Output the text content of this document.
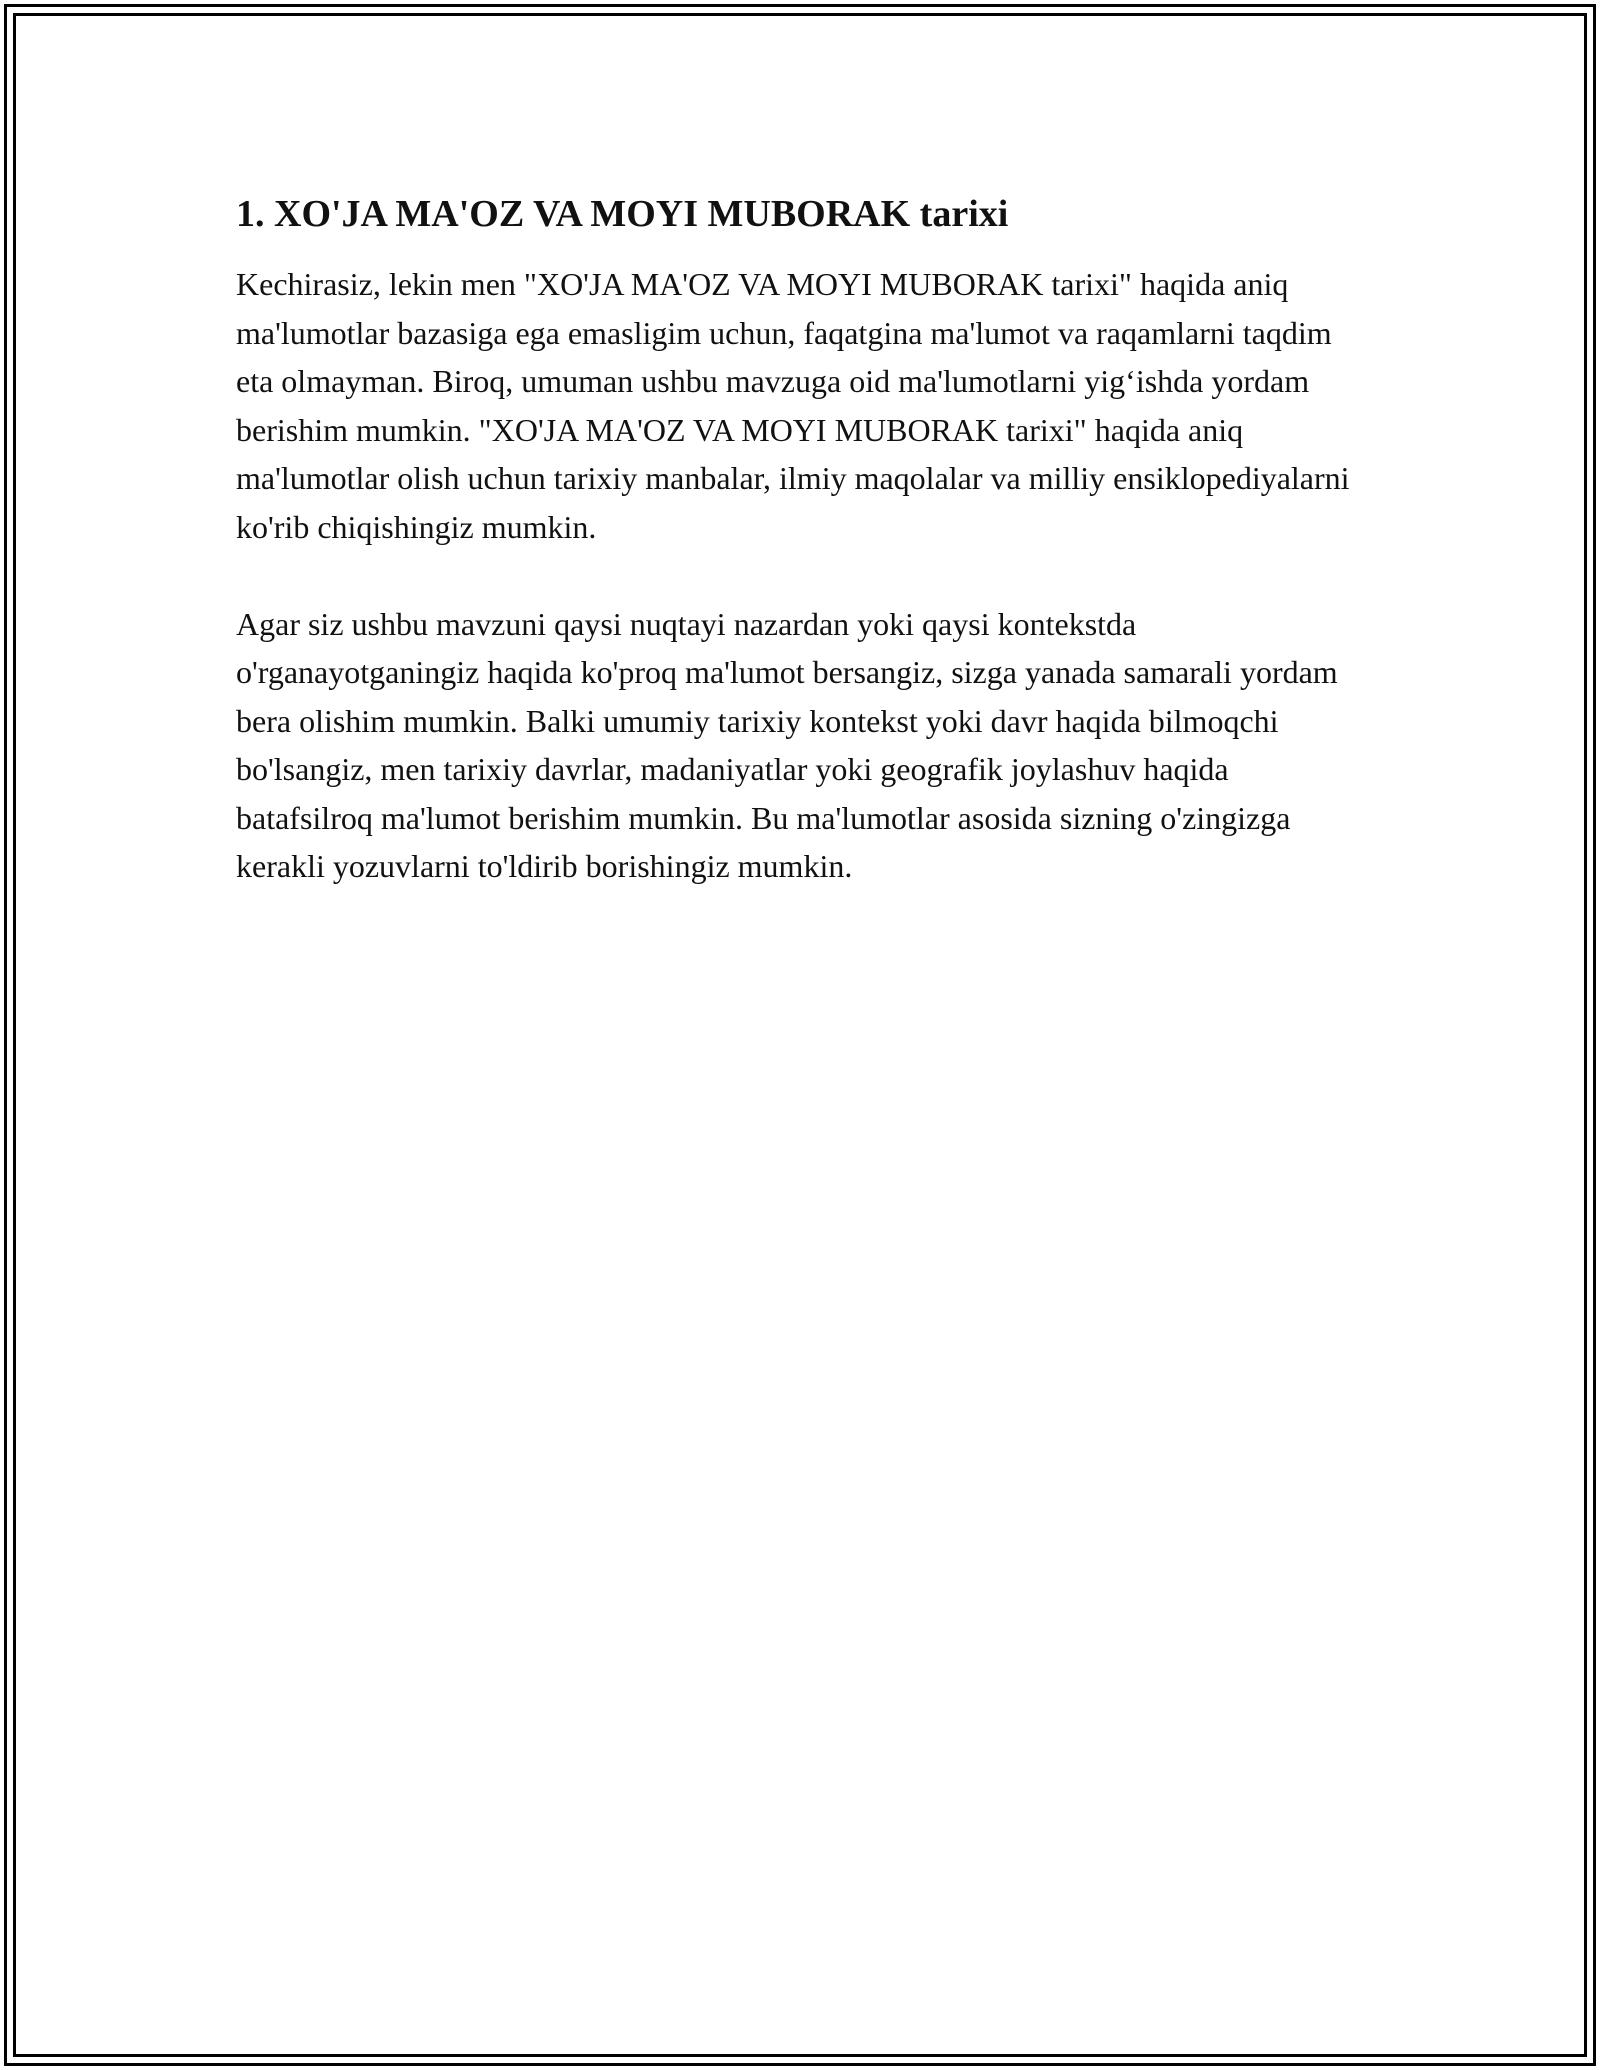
1. XO'JA MA'OZ VA MOYI MUBORAK tarixi

Kechirasiz, lekin men "XO'JA MA'OZ VA MOYI MUBORAK tarixi" haqida aniq ma'lumotlar bazasiga ega emasligim uchun, faqatgina ma'lumot va raqamlarni taqdim eta olmayman. Biroq, umuman ushbu mavzuga oid ma'lumotlarni yig‘ishda yordam berishim mumkin. "XO'JA MA'OZ VA MOYI MUBORAK tarixi" haqida aniq ma'lumotlar olish uchun tarixiy manbalar, ilmiy maqolalar va milliy ensiklopediyalarni ko'rib chiqishingiz mumkin.

Agar siz ushbu mavzuni qaysi nuqtayi nazardan yoki qaysi kontekstda o'rganayotganingiz haqida ko'proq ma'lumot bersangiz, sizga yanada samarali yordam bera olishim mumkin. Balki umumiy tarixiy kontekst yoki davr haqida bilmoqchi bo'lsangiz, men tarixiy davrlar, madaniyatlar yoki geografik joylashuv haqida batafsilroq ma'lumot berishim mumkin. Bu ma'lumotlar asosida sizning o'zingizga kerakli yozuvlarni to'ldirib borishingiz mumkin.
